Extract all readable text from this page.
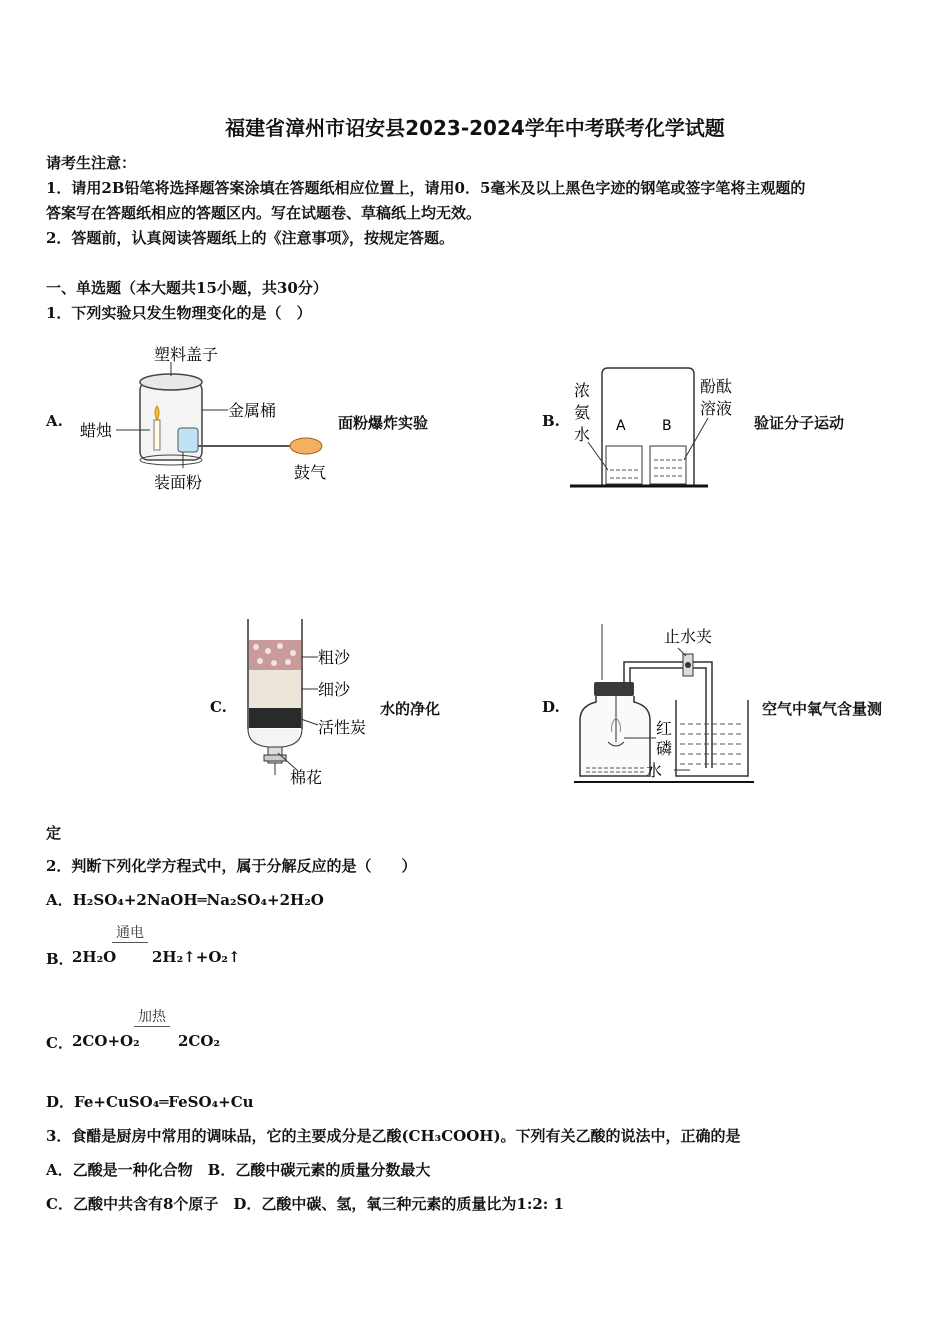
福建省漳州市诏安县2023-2024学年中考联考化学试题
请考生注意：
1．请用2B铅笔将选择题答案涂填在答题纸相应位置上，请用0．5毫米及以上黑色字迹的钢笔或签字笔将主观题的
答案写在答题纸相应的答题区内。写在试题卷、草稿纸上均无效。
2．答题前，认真阅读答题纸上的《注意事项》，按规定答题。
一、单选题（本大题共15小题，共30分）
1．下列实验只发生物理变化的是（　）
A.
塑料盖子
金属桶
蜡烛
装面粉
鼓气
面粉爆炸实验	B.
浓
氨
水
酚酞
溶液
A	B	验证分子运动
C.
粗沙
细沙
活性炭
棉花
水的净化	D.
止水夹
红
磷
水
空气中氧气含量测
定
2．判断下列化学方程式中，属于分解反应的是（　　）
A．H₂SO₄+2NaOH═Na₂SO₄+2H₂O
B．
2H₂O
通电
2H₂↑+O₂↑
C． 2CO+O₂
加热
2CO₂
D．Fe+CuSO₄═FeSO₄+Cu
3．食醋是厨房中常用的调味品，它的主要成分是乙酸(CH₃COOH)。下列有关乙酸的说法中，正确的是
A．乙酸是一种化合物　B．乙酸中碳元素的质量分数最大
C．乙酸中共含有8个原子　D．乙酸中碳、氢，氧三种元素的质量比为1:2: 1
